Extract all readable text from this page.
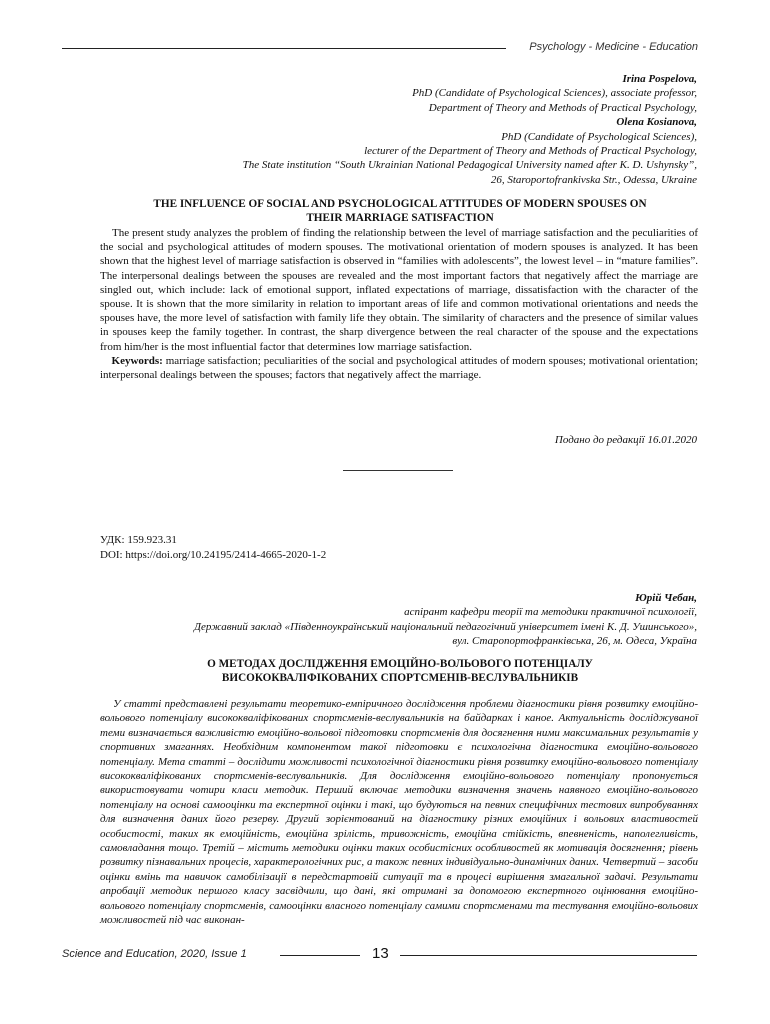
Psychology - Medicine - Education
Irina Pospelova,
PhD (Candidate of Psychological Sciences), associate professor,
Department of Theory and Methods of Practical Psychology,
Olena Kosianova,
PhD (Candidate of Psychological Sciences),
lecturer of the Department of Theory and Methods of Practical Psychology,
The State institution “South Ukrainian National Pedagogical University named after K. D. Ushynsky”,
26, Staroportofrankivska Str., Odessa, Ukraine
THE INFLUENCE OF SOCIAL AND PSYCHOLOGICAL ATTITUDES OF MODERN SPOUSES ON
THEIR MARRIAGE SATISFACTION

The present study analyzes the problem of finding the relationship between the level of marriage satisfaction and the peculiarities of the social and psychological attitudes of modern spouses. The motivational orientation of modern spouses is analyzed. It has been shown that the highest level of marriage satisfaction is observed in “families with adolescents”, the lowest level – in “mature families”. The interpersonal dealings between the spouses are revealed and the most important factors that negatively affect the marriage are singled out, which include: lack of emotional support, inflated expectations of marriage, dissatisfaction with the character of the spouse. It is shown that the more similarity in relation to important areas of life and common motivational orientations and needs the spouses have, the more level of satisfaction with family life they obtain. The similarity of characters and the presence of similar values in spouses keep the family together. In contrast, the sharp divergence between the real character of the spouse and the expectations from him/her is the most influential factor that determines low marriage satisfaction.

Keywords: marriage satisfaction; peculiarities of the social and psychological attitudes of modern spouses; motivational orientation; interpersonal dealings between the spouses; factors that negatively affect the marriage.

Подано до редакції 16.01.2020
УДК: 159.923.31
DOI: https://doi.org/10.24195/2414-4665-2020-1-2
Юрій Чебан,
аспірант кафедри теорії та методики практичної психології,
Державний заклад «Південноукраїнський національний педагогічний університет імені К. Д. Ушинського»,
вул. Старопортофранківська, 26, м. Одеса, Україна
О МЕТОДАХ ДОСЛІДЖЕННЯ ЕМОЦІЙНО-ВОЛЬОВОГО ПОТЕНЦІАЛУ
ВИСОКОКВАЛІФІКОВАНИХ СПОРТСМЕНІВ-ВЕСЛУВАЛЬНИКІВ
У статті представлені результати теоретико-емпіричного дослідження проблеми діагностики рівня розвитку емоційно-вольового потенціалу висококваліфікованих спортсменів-веслувальників на байдарках і каное. Актуальність досліджуваної теми визначається важливістю емоційно-вольової підготовки спортсменів для досягнення ними максимальних результатів у спортивних змаганнях. Необхідним компонентом такої підготовки є психологічна діагностика емоційно-вольового потенціалу. Мета статті – дослідити можливості психологічної діагностики рівня розвитку емоційно-вольового потенціалу висококваліфікованих спортсменів-веслувальників. Для дослідження емоційно-вольового потенціалу пропонується використовувати чотири класи методик. Перший включає методики визначення значень наявного емоційно-вольового потенціалу на основі самооцінки та експертної оцінки і такі, що будуються на певних специфічних тестових випробуваннях для визначення даних його резерву. Другий зорієнтований на діагностику різних емоційних і вольових властивостей особистості, таких як емоційність, емоційна зрілість, тривожність, емоційна стійкість, впевненість, наполегливість, самовладання тощо. Третій – містить методики оцінки таких особистісних особливостей як мотивація досягнення; рівень розвитку пізнавальних процесів, характерологічних рис, а також певних індивідуально-динамічних даних. Четвертий – засоби оцінки вмінь та навичок самобілізації в передстартовій ситуації та в процесі вирішення змагальної задачі. Результати апробації методик першого класу засвідчили, що дані, які отримані за допомогою експертного оцінювання емоційно-вольового потенціалу спортсменів, самооцінки власного потенціалу самими спортсменами та тестування емоційно-вольових можливостей під час виконан-
Science and Education, 2020, Issue 1	13
